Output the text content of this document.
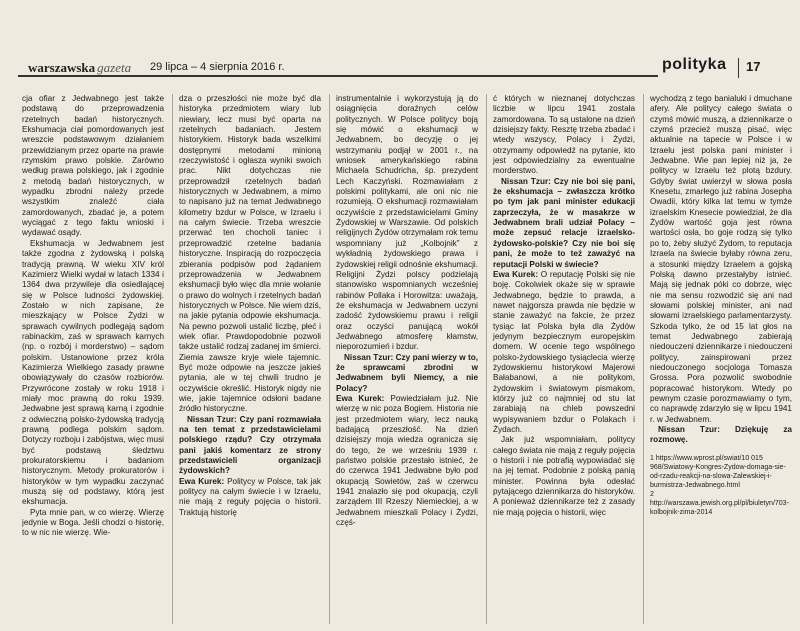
warszawska gazeta 29 lipca – 4 sierpnia 2016 r.	polityka 17

cja ofiar z Jedwabnego jest także podstawą do przeprowadzenia rzetelnych badań historycznych. Ekshumacja ciał pomordowanych jest wreszcie podstawowym działaniem przewidzianym przez oparte na prawie rzymskim prawo polskie. Zarówno według prawa polskiego, jak i zgodnie z metodą badań historycznych, w wypadku zbrodni należy przede wszystkim znaleźć ciała zamordowanych, zbadać je, a potem wyciągać z tego faktu wnioski i wydawać osądy.

Ekshumacja w Jedwabnem jest także zgodna z żydowską i polską tradycją prawną. W wieku XIV król Kazimierz Wielki wydał w latach 1334 i 1364 dwa przywileje dla osiedlającej się w Polsce ludności żydowskiej. Zostało w nich zapisane, że mieszkający w Polsce Żydzi w sprawach cywilnych podlegają sądom rabinackim, zaś w sprawach karnych (np. o rozbój i morderstwo) – sądom polskim. Ustanowione przez króla Kazimierza Wielkiego zasady prawne obowiązywały do czasów rozbiorów. Przywrócone zostały w roku 1918 i miały moc prawną do roku 1939. Jedwabne jest sprawą karną i zgodnie z odwieczną polsko-żydowską tradycją prawną podlega polskim sądom. Dotyczy rozboju i zabójstwa, więc musi być podstawą śledztwu prokuratorskiemu i badaniom historycznym. Metody prokuratorów i historyków w tym wypadku zaczynać muszą się od podstawy, którą jest ekshumacja.

Pyta mnie pan, w co wierzę. Wierzę jedynie w Boga. Jeśli chodzi o historię, to w nic nie wierzę. Wie-

dza o przeszłości nie może być dla historyka przedmiotem wiary lub niewiary, lecz musi być oparta na rzetelnych badaniach. Jestem historykiem. Historyk bada wszelkimi dostępnymi metodami minioną rzeczywistość i ogłasza wyniki swoich prac. Nikt dotychczas nie przeprowadził rzetelnych badań historycznych w Jedwabnem, a mimo to napisano już na temat Jedwabnego kilometry bzdur w Polsce, w Izraelu i na całym świecie. Trzeba wreszcie przerwać ten chocholi taniec i przeprowadzić rzetelne badania historyczne. Inspiracją do rozpoczęcia zbierania podpisów pod żądaniem przeprowadzenia w Jedwabnem ekshumacji było więc dla mnie wołanie o prawo do wolnych i rzetelnych badań historycznych w Polsce. Nie wiem dziś, na jakie pytania odpowie ekshumacja. Na pewno pozwoli ustalić liczbę, płeć i wiek ofiar. Prawdopodobnie pozwoli także ustalić rodzaj zadanej im śmierci. Ziemia zawsze kryje wiele tajemnic. Być może odpowie na jeszcze jakieś pytania, ale w tej chwili trudno je oczywiście określić. Historyk nigdy nie wie, jakie tajemnice odsłoni badane źródło historyczne.

Nissan Tzur: Czy pani rozmawiała na ten temat z przedstawicielami polskiego rządu? Czy otrzymała pani jakiś komentarz ze strony przedstawicieli organizacji żydowskich?

Ewa Kurek: Politycy w Polsce, tak jak politycy na całym świecie i w Izraelu, nie mają z reguły pojęcia o historii. Traktują historię

instrumentalnie i wykorzystują ją do osiągnięcia doraźnych celów politycznych. W Polsce politycy boją się mówić o ekshumacji w Jedwabnem, bo decyzję o jej wstrzymaniu podjął w 2001 r., na wniosek amerykańskiego rabina Michaela Schudricha, śp. prezydent Lech Kaczyński. Rozmawiałam z polskimi politykami, ale oni nic nie rozumieją. O ekshumacji rozmawiałam oczywiście z przedstawicielami Gminy Żydowskiej w Warszawie. Od polskich religijnych Żydów otrzymałam rok temu wspomniany już „Kolbojnik” z wykładnią żydowskiego prawa i żydowskiej religii odnośnie ekshumacji. Religijni Żydzi polscy podzielają stanowisko wspomnianych wcześniej rabinów Pollaka i Horowitza: uważają, że ekshumacja w Jedwabnem uczyni zadość żydowskiemu prawu i religii oraz oczyści panującą wokół Jedwabnego atmosferę kłamstw, nieporozumień i bzdur.

Nissan Tzur: Czy pani wierzy w to, że sprawcami zbrodni w Jedwabnem byli Niemcy, a nie Polacy?

Ewa Kurek: Powiedziałam już. Nie wierzę w nic poza Bogiem. Historia nie jest przedmiotem wiary, lecz nauką badającą przeszłość. Na dzień dzisiejszy moja wiedza ogranicza się do tego, że we wrześniu 1939 r. państwo polskie przestało istnieć, że do czerwca 1941 Jedwabne było pod okupacją Sowietów, zaś w czerwcu 1941 znalazło się pod okupacją, czyli zarządem III Rzeszy Niemieckiej, a w Jedwabnem mieszkali Polacy i Żydzi, częś-

ć których w nieznanej dotychczas liczbie w lipcu 1941 została zamordowana. To są ustalone na dzień dzisiejszy fakty. Resztę trzeba zbadać i wtedy wszyscy, Polacy i Żydzi, otrzymamy odpowiedź na pytanie, kto jest odpowiedzialny za ewentualne morderstwo.

Nissan Tzur: Czy nie boi się pani, że ekshumacja – zwłaszcza krótko po tym jak pani minister edukacji zaprzeczyła, że w masakrze w Jedwabnem brali udział Polacy – może zepsuć relacje izraelsko-żydowsko-polskie? Czy nie boi się pani, że może to też zaważyć na reputacji Polski w świecie?

Ewa Kurek: O reputację Polski się nie boję. Cokolwiek okaże się w sprawie Jedwabnego, będzie to prawda, a nawet najgorsza prawda nie będzie w stanie zaważyć na fakcie, że przez tysiąc lat Polska była dla Żydów jedynym bezpiecznym europejskim domem. W ocenie tego wspólnego polsko-żydowskiego tysiąclecia wierzę żydowskiemu historykowi Majerowi Bałabanowi, a nie politykom, żydowskim i światowym pismakom, którzy już co najmniej od stu lat zarabiają na chleb powszedni wypisywaniem bzdur o Polakach i Żydach.

Jak już wspomniałam, politycy całego świata nie mają z reguły pojęcia o historii i nie potrafią wypowiadać się na jej temat. Podobnie z polską panią minister. Powinna była odesłać pytającego dziennikarza do historyków. A ponieważ dziennikarze też z zasady nie mają pojęcia o historii, więc

wychodzą z tego banialuki i dmuchane afery. Ale politycy całego świata o czymś mówić muszą, a dziennikarze o czymś przecież muszą pisać, więc aktualnie na tapecie w Polsce i w Izraelu jest polska pani minister i Jedwabne. Wie pan lepiej niż ja, że politycy w Izraelu też plotą bzdury. Gdyby świat uwierzył w słowa posła Knesetu, zmarłego już rabina Josepha Owadii, który kilka lat temu w tymże izraelskim Knesecie powiedział, że dla Żydów wartość goja jest równa wartości osła, bo goje rodzą się tylko po to, żeby służyć Żydom, to reputacja Izraela na świecie byłaby równa zeru, a stosunki między Izraelem a gojską Polską dawno przestałyby istnieć. Mają się jednak póki co dobrze, więc nie ma sensu rozwodzić się ani nad słowami polskiej minister, ani nad słowami izraelskiego parlamentarzysty. Szkoda tylko, że od 15 lat głos na temat Jedwabnego zabierają niedouczeni dziennikarze i niedouczeni politycy, zainspirowani przez niedouczonego socjologa Tomasza Grossa. Pora pozwolić swobodnie popracować historykom. Wtedy po pewnym czasie porozmawiamy o tym, co naprawdę zdarzyło się w lipcu 1941 r. w Jedwabnem.

Nissan Tzur: Dziękuję za rozmowę.

1 https://www.wprost.pl/swiat/10 015 968/Swiatowy-Kongres-Zydow-domaga-sie-od-rzadu-reakcji-na-slowa-Zalewskiej-i-burmistrza-Jedwabnego.html
2 http://warszawa.jewish.org.pl/pl/biuletyn/703-kolbojnik-zima-2014
